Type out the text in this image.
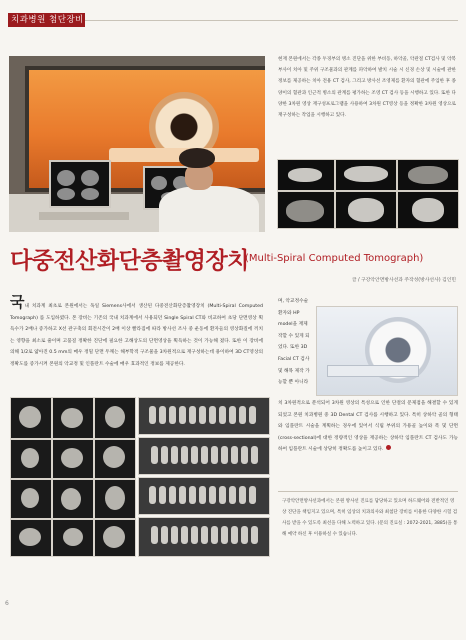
치과병원 첨단장비
현재 본원에서는 각종 두경부의 병소 진단을 위한 부비동, 하악골, 악관절 CT검사 및 악복부사이 치아 및 주위 구조물과의 관계를 파악하여 발치 시술 시 신경 손상 및 시술에 관한 정보를 제공하는 치아 전용 CT 검사, 그리고 방사선 조영제를 환자의 혈관에 주입한 후 종양이의 혈관과 인근적 병소의 관계를 평가하는 조영 CT 검사 등을 시행하고 있다. 또한 다양한 3차원 영상 재구성프로그램을 사용하여 3차원 CT영상 등을 정확한 3차원 영상으로 재구성하는 작업을 시행하고 있다.
다중전산화단층촬영장치
(Multi-Spiral Computed Tomograph)
글 / 구강악안면방사선과 주작성(방사선사) 김인민
국내 치과계 최초로 본원에서는 독일 Siemens사에서 생산된 다중전산화단층촬영장치 (Multi-Spiral Computed Tomograph) 를 도입하였다. 본 장비는 기존의 국내 치과계에서 사용되던 Single Spiral CT와 비교하여 초당 단면영상 획득수가 2배나 증가하고 X선 관구축의 회전시간이 2배 이상 빨라짐에 따라 방사선 조사 중 운동에 환자들의 영상화질에 끼치는 영향을 최소로 줄이며 고품질 정확한 진단에 필요한 고해상도의 단면영상을 획득하는 것이 가능해 졌다. 또한 이 장비에 의해 1/2로 얇아진 0.5 mm의 매우 정밀 단면 두께는 해부학적 구조물을 3차원적으로 재구성하는데 용이하여 3D CT영상의 정확도를 증가시켜 본원의 악교정 및 인플란트 수술에 매우 효과적인 정보를 제공한다.
며, 악교정수술환자와 HP model을 재제작할 수 있게 되었다. 또한 3D Facial CT 검사 및 해목 제작 가능할 뿐 아니라
치 3차원적으로 분석되어 3차원 영상의 특성으로 인한 단절의 문제점을 해결할 수 있게 되었고 본원 치과병원 중 3D Dental CT 검사를 시행하고 있다. 특히 상하악 골의 형태와 임플란트 시술을 계획하는 경우에 있어서 식립 부위의 가용골 높이와 폭 및 단면(cross-sectional)에 대한 정량적인 영상을 재공하는 상하악 임플란트 CT 검사도 가능하여 임플란트 시술에 상당히 정확도를 높이고 있다.
구강악안면방사선과에서는 본원 방사선 진료를 담당하고 있으며 하드웨어와 전반적인 영상 진단을 책임지고 있으며, 특히 임상의 치과의사와 최첨단 장비를 이용한 다양한 시험 검사를 받을 수 있도록 최선을 다해 노력하고 있다. (문의 진료실 : 2072-2021, 3885)을 통해 예약 하신 후 이용하실 수 있습니다.
6
